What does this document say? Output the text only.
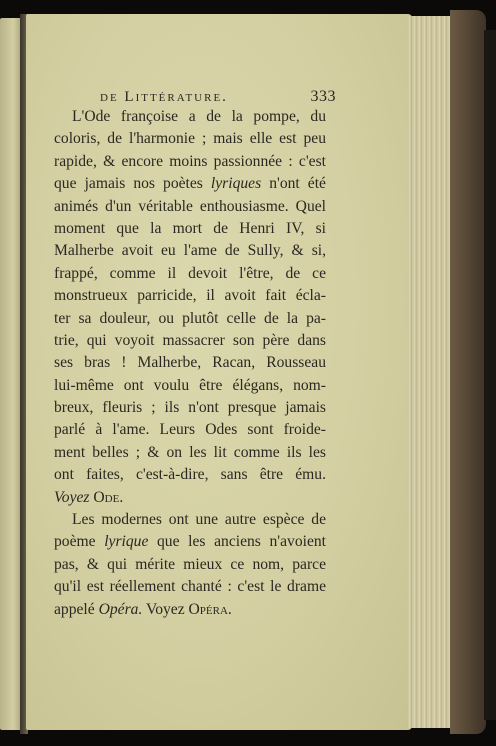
de Littérature.	333
L'Ode françoise a de la pompe, du
coloris, de l'harmonie ; mais elle est peu
rapide, & encore moins passionnée : c'est
que jamais nos poètes lyriques n'ont été
animés d'un véritable enthousiasme. Quel
moment que la mort de Henri IV, si
Malherbe avoit eu l'ame de Sully, & si,
frappé, comme il devoit l'être, de ce
monstrueux parricide, il avoit fait écla-
ter sa douleur, ou plutôt celle de la pa-
trie, qui voyoit massacrer son père dans
ses bras ! Malherbe, Racan, Rousseau
lui-même ont voulu être élégans, nom-
breux, fleuris ; ils n'ont presque jamais
parlé à l'ame. Leurs Odes sont froide-
ment belles ; & on les lit comme ils les
ont faites, c'est-à-dire, sans être ému.
Voyez Ode.
Les modernes ont une autre espèce de
poème lyrique que les anciens n'avoient
pas, & qui mérite mieux ce nom, parce
qu'il est réellement chanté : c'est le drame
appelé Opéra. Voyez Opéra.
